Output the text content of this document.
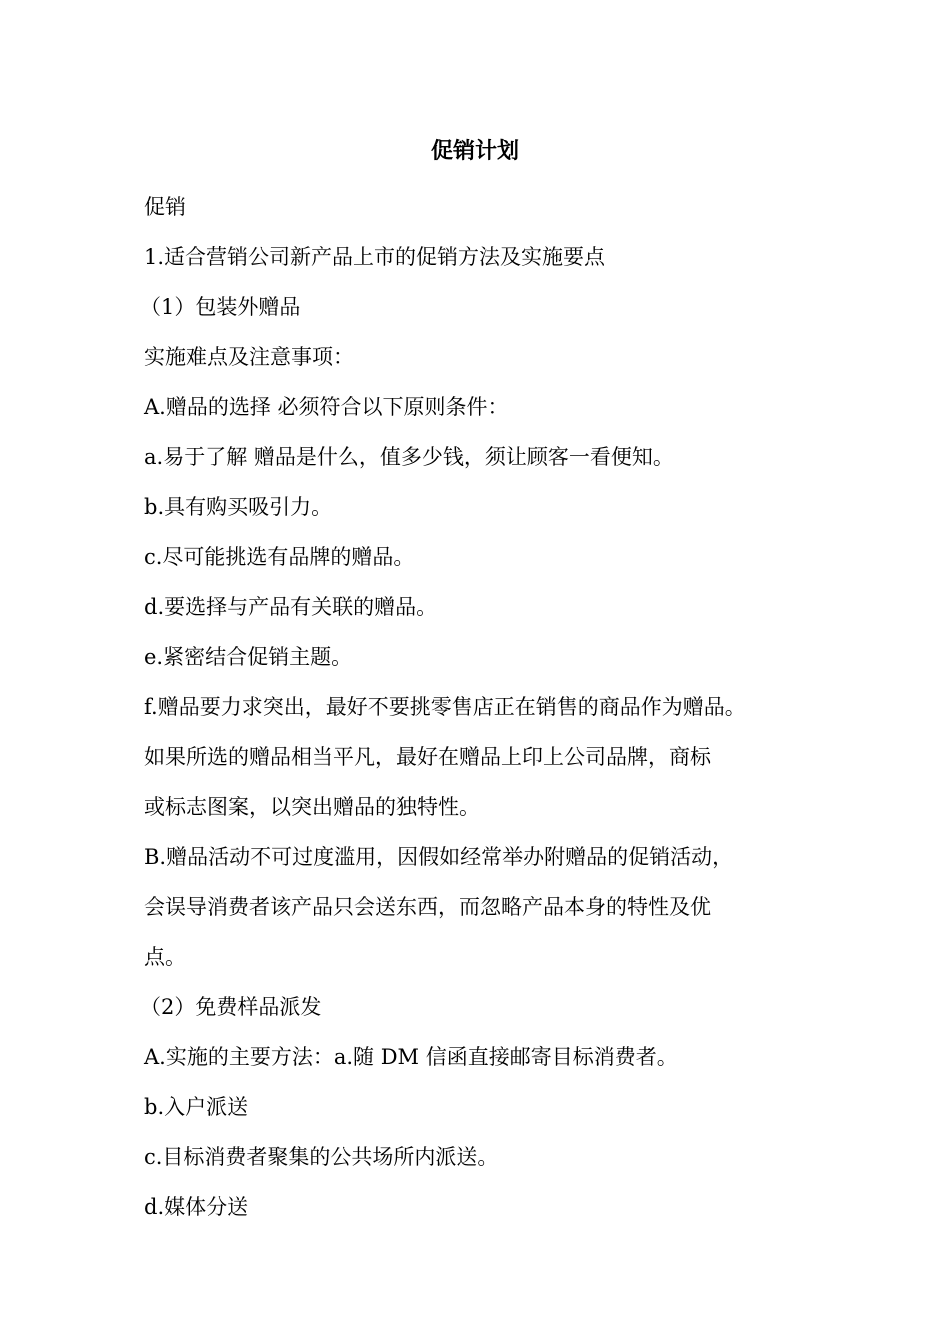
促销计划

促销

1.适合营销公司新产品上市的促销方法及实施要点

（1）包装外赠品

实施难点及注意事项：

A.赠品的选择 必须符合以下原则条件：

a.易于了解 赠品是什么，值多少钱，须让顾客一看便知。

b.具有购买吸引力。

c.尽可能挑选有品牌的赠品。

d.要选择与产品有关联的赠品。

e.紧密结合促销主题。

f.赠品要力求突出，最好不要挑零售店正在销售的商品作为赠品。

如果所选的赠品相当平凡，最好在赠品上印上公司品牌，商标

或标志图案，以突出赠品的独特性。

B.赠品活动不可过度滥用，因假如经常举办附赠品的促销活动，

会误导消费者该产品只会送东西，而忽略产品本身的特性及优

点。

（2）免费样品派发

A.实施的主要方法：a.随 DM 信函直接邮寄目标消费者。

b.入户派送

c.目标消费者聚集的公共场所内派送。

d.媒体分送
